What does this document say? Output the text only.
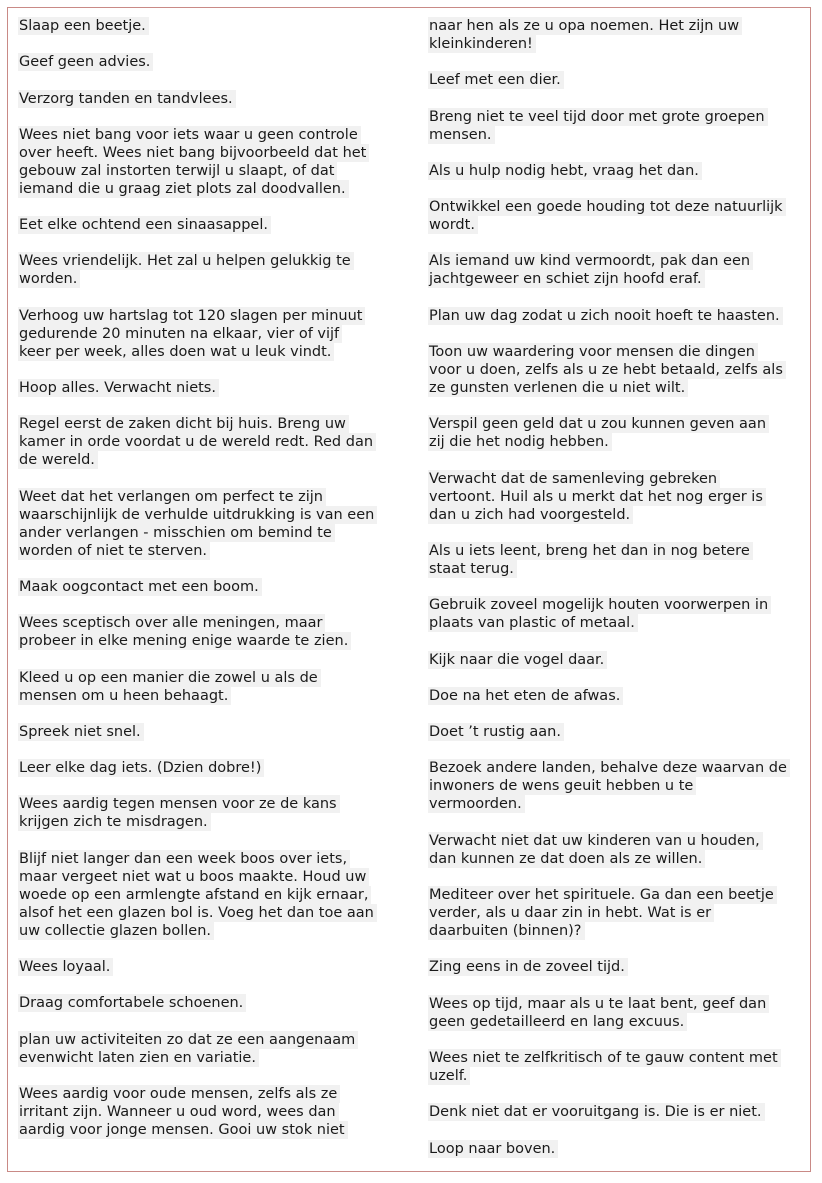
Slaap een beetje.
Geef geen advies.
Verzorg tanden en tandvlees.
Wees niet bang voor iets waar u geen controle
over heeft. Wees niet bang bijvoorbeeld dat het
gebouw zal instorten terwijl u slaapt, of dat
iemand die u graag ziet plots zal doodvallen.
Eet elke ochtend een sinaasappel.
Wees vriendelijk. Het zal u helpen gelukkig te
worden.
Verhoog uw hartslag tot 120 slagen per minuut
gedurende 20 minuten na elkaar, vier of vijf
keer per week, alles doen wat u leuk vindt.
Hoop alles. Verwacht niets.
Regel eerst de zaken dicht bij huis. Breng uw
kamer in orde voordat u de wereld redt. Red dan
de wereld.
Weet dat het verlangen om perfect te zijn
waarschijnlijk de verhulde uitdrukking is van een
ander verlangen - misschien om bemind te
worden of niet te sterven.
Maak oogcontact met een boom.
Wees sceptisch over alle meningen, maar
probeer in elke mening enige waarde te zien.
Kleed u op een manier die zowel u als de
mensen om u heen behaagt.
Spreek niet snel.
Leer elke dag iets. (Dzien dobre!)
Wees aardig tegen mensen voor ze de kans
krijgen zich te misdragen.
Blijf niet langer dan een week boos over iets,
maar vergeet niet wat u boos maakte. Houd uw
woede op een armlengte afstand en kijk ernaar,
alsof het een glazen bol is. Voeg het dan toe aan
uw collectie glazen bollen.
Wees loyaal.
Draag comfortabele schoenen.
plan uw activiteiten zo dat ze een aangenaam
evenwicht laten zien en variatie.
Wees aardig voor oude mensen, zelfs als ze
irritant zijn. Wanneer u oud word, wees dan
aardig voor jonge mensen. Gooi uw stok niet
naar hen als ze u opa noemen. Het zijn uw
kleinkinderen!
Leef met een dier.
Breng niet te veel tijd door met grote groepen
mensen.
Als u hulp nodig hebt, vraag het dan.
Ontwikkel een goede houding tot deze natuurlijk
wordt.
Als iemand uw kind vermoordt, pak dan een
jachtgeweer en schiet zijn hoofd eraf.
Plan uw dag zodat u zich nooit hoeft te haasten.
Toon uw waardering voor mensen die dingen
voor u doen, zelfs als u ze hebt betaald, zelfs als
ze gunsten verlenen die u niet wilt.
Verspil geen geld dat u zou kunnen geven aan
zij die het nodig hebben.
Verwacht dat de samenleving gebreken
vertoont. Huil als u merkt dat het nog erger is
dan u zich had voorgesteld.
Als u iets leent, breng het dan in nog betere
staat terug.
Gebruik zoveel mogelijk houten voorwerpen in
plaats van plastic of metaal.
Kijk naar die vogel daar.
Doe na het eten de afwas.
Doet ’t rustig aan.
Bezoek andere landen, behalve deze waarvan de
inwoners de wens geuit hebben u te
vermoorden.
Verwacht niet dat uw kinderen van u houden,
dan kunnen ze dat doen als ze willen.
Mediteer over het spirituele. Ga dan een beetje
verder, als u daar zin in hebt. Wat is er
daarbuiten (binnen)?
Zing eens in de zoveel tijd.
Wees op tijd, maar als u te laat bent, geef dan
geen gedetailleerd en lang excuus.
Wees niet te zelfkritisch of te gauw content met
uzelf.
Denk niet dat er vooruitgang is. Die is er niet.
Loop naar boven.
